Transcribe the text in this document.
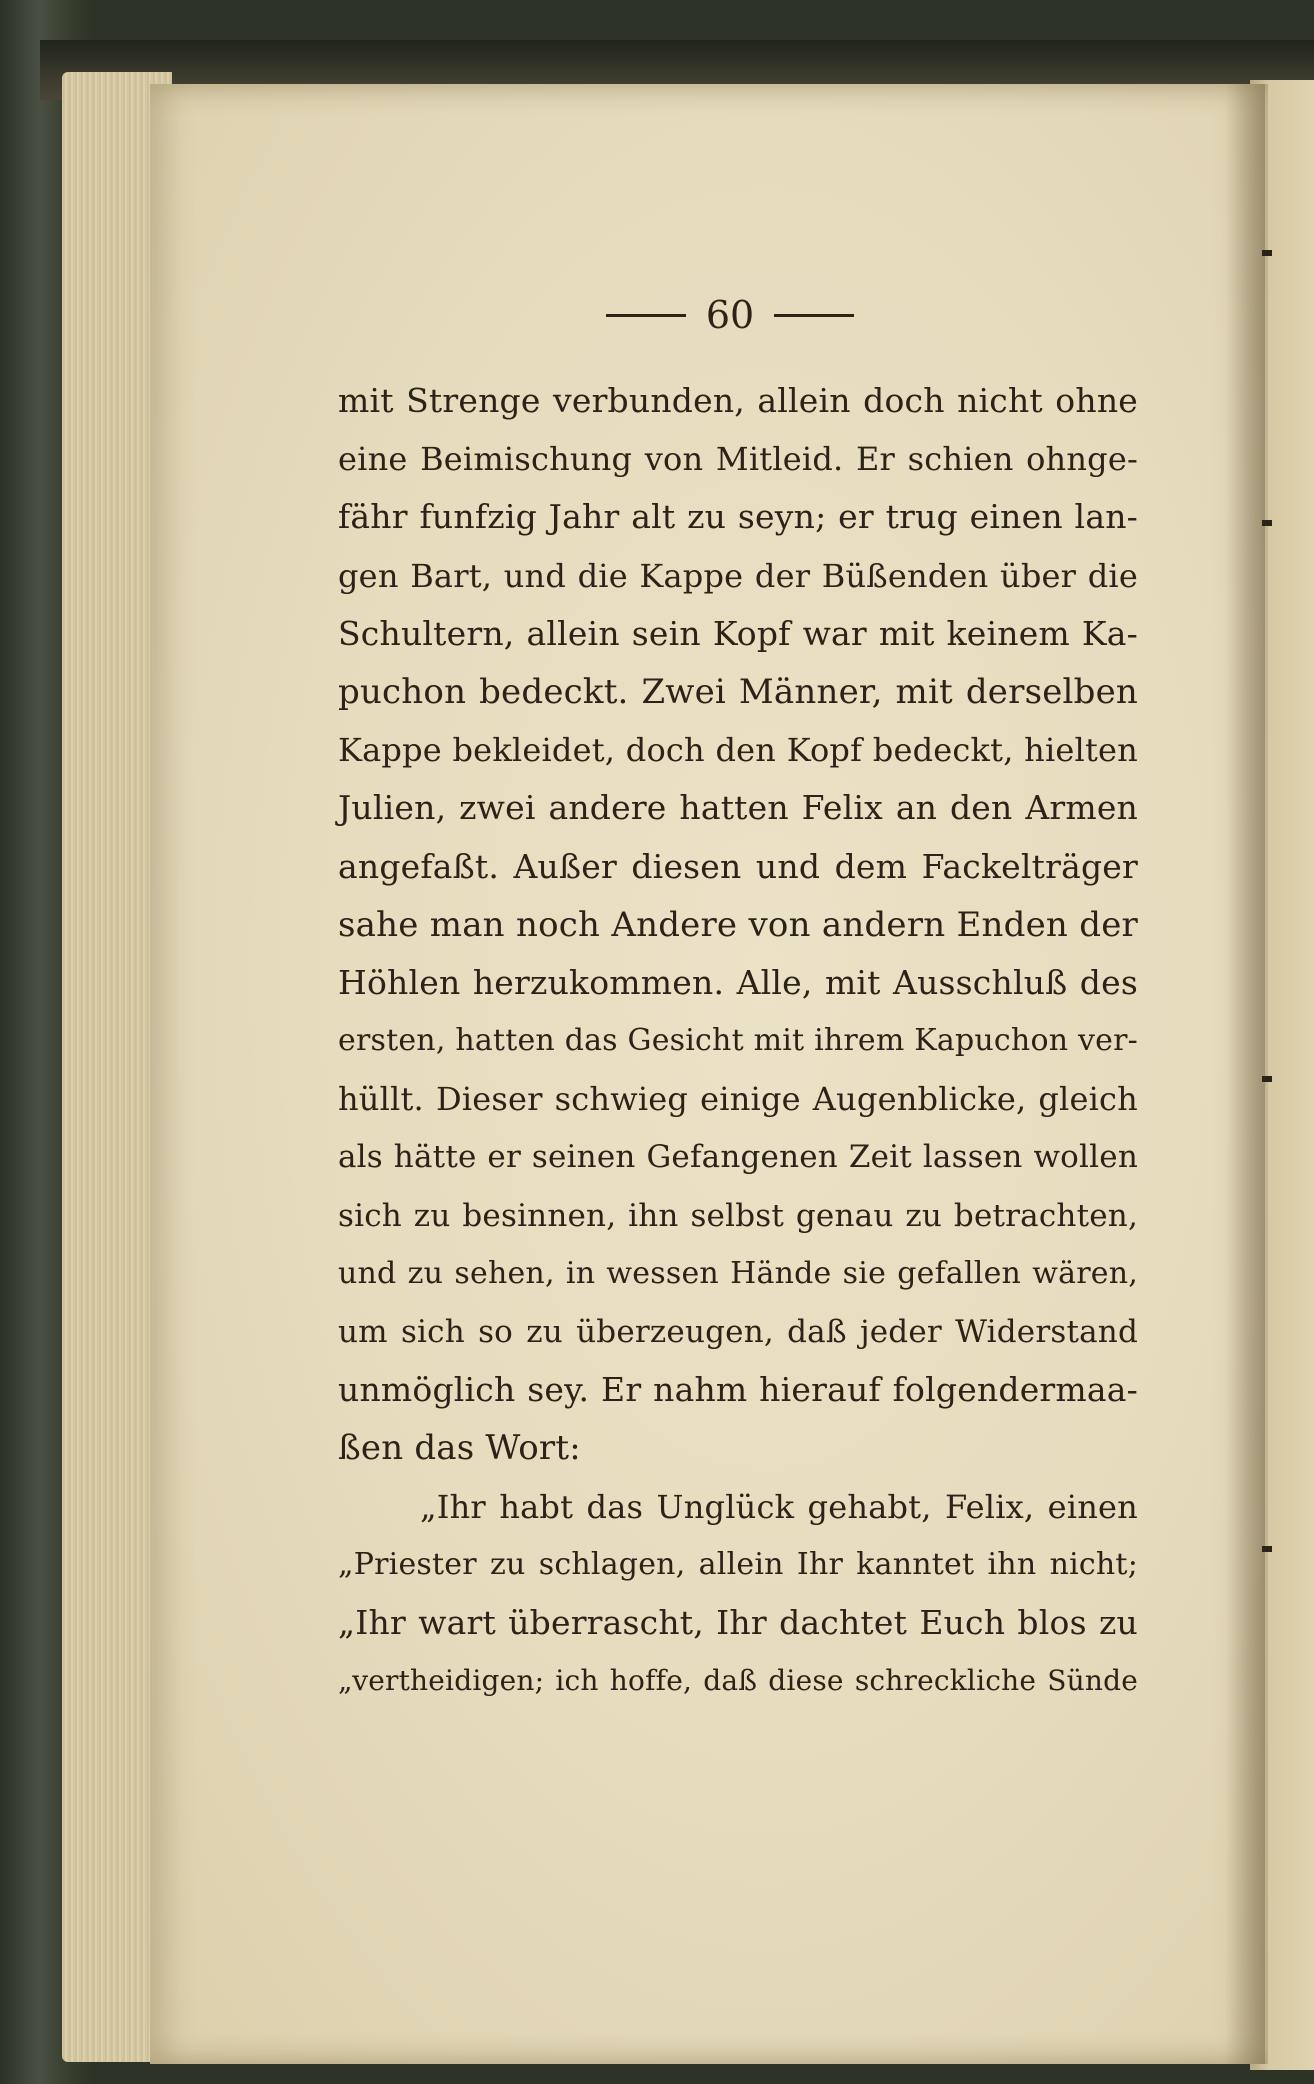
60
mit Strenge verbunden, allein doch nicht ohne
eine Beimischung von Mitleid. Er schien ohnge-
fähr funfzig Jahr alt zu seyn; er trug einen lan-
gen Bart, und die Kappe der Büßenden über die
Schultern, allein sein Kopf war mit keinem Ka-
puchon bedeckt. Zwei Männer, mit derselben
Kappe bekleidet, doch den Kopf bedeckt, hielten
Julien, zwei andere hatten Felix an den Armen
angefaßt. Außer diesen und dem Fackelträger
sahe man noch Andere von andern Enden der
Höhlen herzukommen. Alle, mit Ausschluß des
ersten, hatten das Gesicht mit ihrem Kapuchon ver-
hüllt. Dieser schwieg einige Augenblicke, gleich
als hätte er seinen Gefangenen Zeit lassen wollen
sich zu besinnen, ihn selbst genau zu betrachten,
und zu sehen, in wessen Hände sie gefallen wären,
um sich so zu überzeugen, daß jeder Widerstand
unmöglich sey. Er nahm hierauf folgendermaa-
ßen das Wort:
„Ihr habt das Unglück gehabt, Felix, einen
„Priester zu schlagen, allein Ihr kanntet ihn nicht;
„Ihr wart überrascht, Ihr dachtet Euch blos zu
„vertheidigen; ich hoffe, daß diese schreckliche Sünde
